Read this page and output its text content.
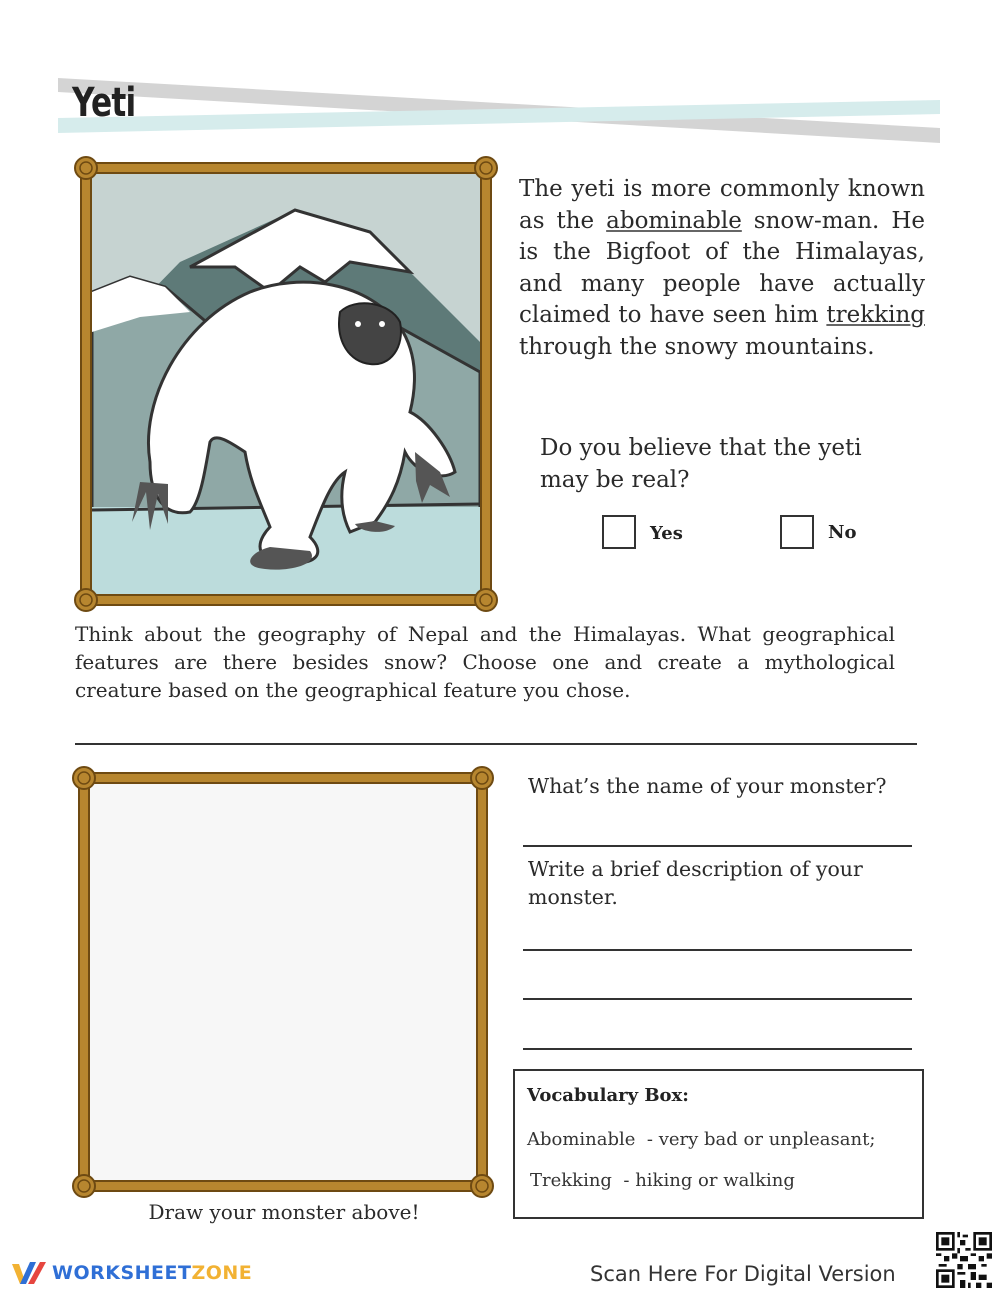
Yeti
The yeti is more commonly known as the abominable snow-man. He is the Bigfoot of the Himalayas, and many people have actually claimed to have seen him trekking through the snowy mountains.
Do you believe that the yeti may be real?
Yes	No
Think about the geography of Nepal and the Himalayas. What geographical features are there besides snow? Choose one and create a mythological creature based on the geographical feature you chose.
Draw your monster above!
What’s the name of your monster?
Write a brief description of your monster.
Vocabulary Box:
Abominable - very bad or unpleasant;
Trekking - hiking or walking
WORKSHEETZONE	Scan Here For Digital Version
